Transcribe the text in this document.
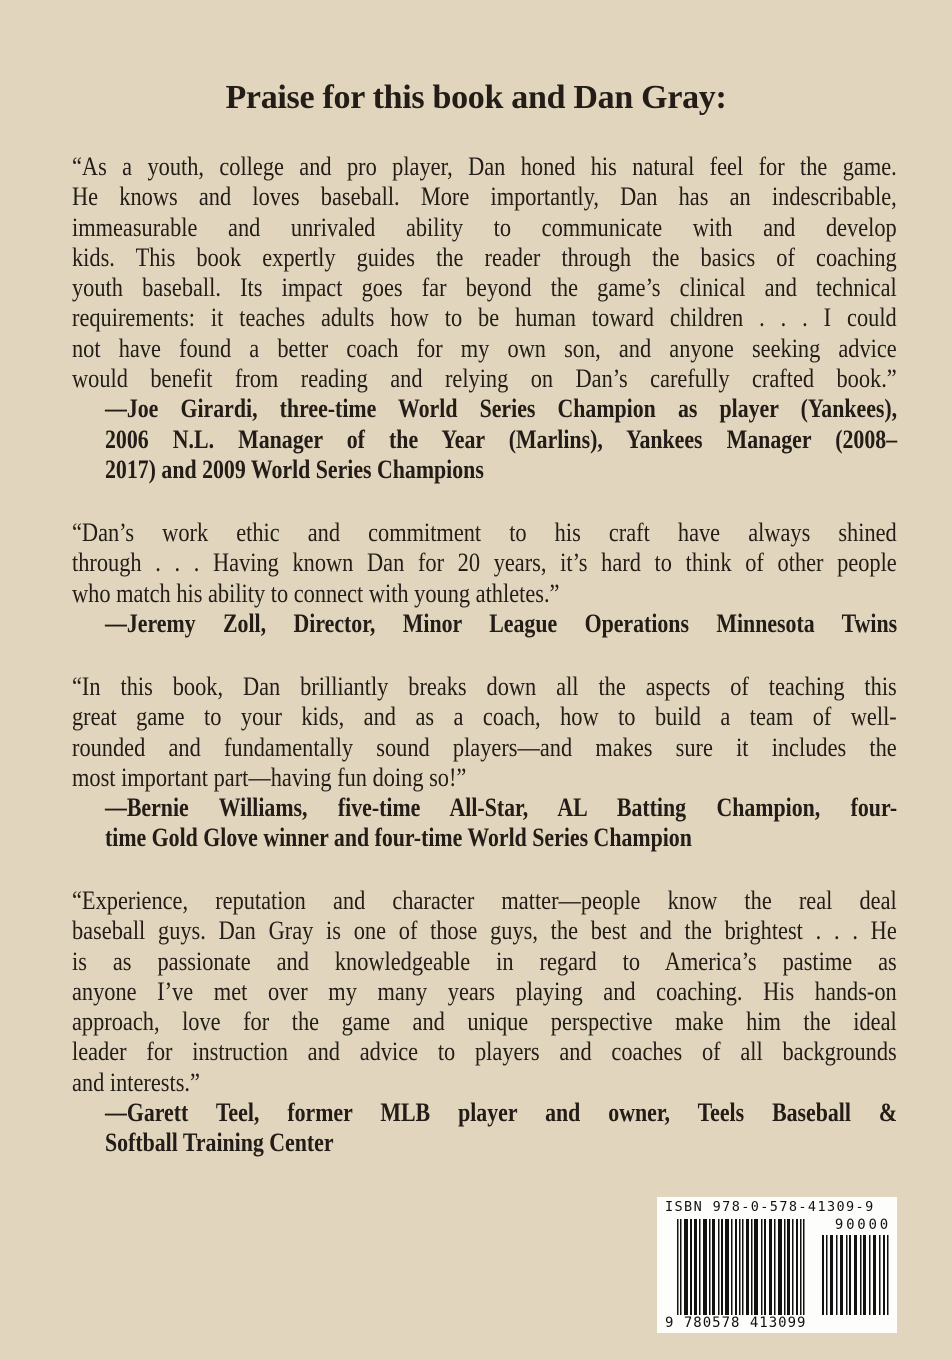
Praise for this book and Dan Gray:
“As a youth, college and pro player, Dan honed his natural feel for the game.
He knows and loves baseball. More importantly, Dan has an indescribable,
immeasurable and unrivaled ability to communicate with and develop
kids. This book expertly guides the reader through the basics of coaching
youth baseball. Its impact goes far beyond the game’s clinical and technical
requirements: it teaches adults how to be human toward children . . . I could
not have found a better coach for my own son, and anyone seeking advice
would benefit from reading and relying on Dan’s carefully crafted book.”
—Joe Girardi, three-time World Series Champion as player (Yankees),
2006 N.L. Manager of the Year (Marlins), Yankees Manager (2008–
2017) and 2009 World Series Champions
“Dan’s work ethic and commitment to his craft have always shined
through . . . Having known Dan for 20 years, it’s hard to think of other people
who match his ability to connect with young athletes.”
—Jeremy Zoll, Director, Minor League Operations Minnesota Twins
“In this book, Dan brilliantly breaks down all the aspects of teaching this
great game to your kids, and as a coach, how to build a team of well-
rounded and fundamentally sound players—and makes sure it includes the
most important part—having fun doing so!”
—Bernie Williams, five-time All-Star, AL Batting Champion, four-
time Gold Glove winner and four-time World Series Champion
“Experience, reputation and character matter—people know the real deal
baseball guys. Dan Gray is one of those guys, the best and the brightest . . . He
is as passionate and knowledgeable in regard to America’s pastime as
anyone I’ve met over my many years playing and coaching. His hands-on
approach, love for the game and unique perspective make him the ideal
leader for instruction and advice to players and coaches of all backgrounds
and interests.”
—Garett Teel, former MLB player and owner, Teels Baseball &
Softball Training Center
ISBN 978-0-578-41309-9
90000
9 780578 413099
